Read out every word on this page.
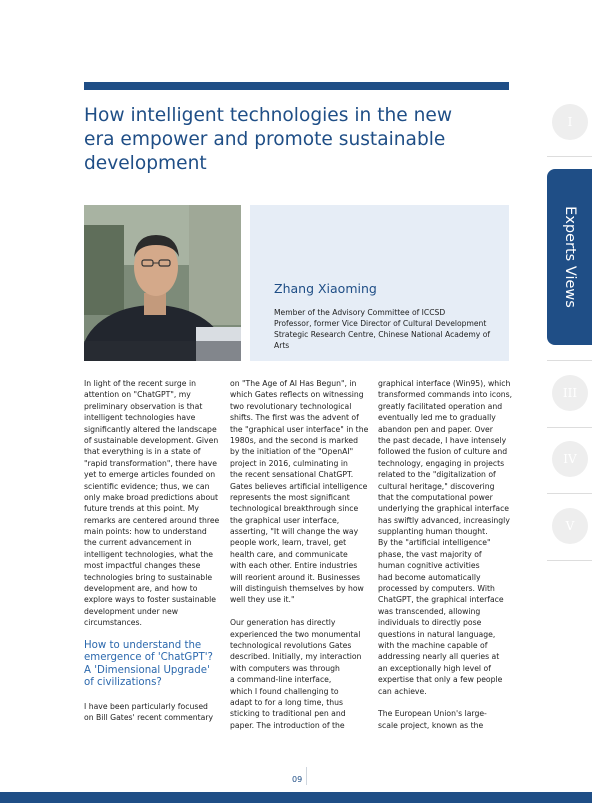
How intelligent technologies in the new
era empower and promote sustainable
development
Zhang Xiaoming
Member of the Advisory Committee of ICCSD
Professor, former Vice Director of Cultural Development
Strategic Research Centre, Chinese National Academy of
Arts
In light of the recent surge in
attention on "ChatGPT", my
preliminary observation is that
intelligent technologies have
significantly altered the landscape
of sustainable development. Given
that everything is in a state of
"rapid transformation", there have
yet to emerge articles founded on
scientific evidence; thus, we can
only make broad predictions about
future trends at this point. My
remarks are centered around three
main points: how to understand
the current advancement in
intelligent technologies, what the
most impactful changes these
technologies bring to sustainable
development are, and how to
explore ways to foster sustainable
development under new
circumstances.
How to understand the
emergence of 'ChatGPT'?
A 'Dimensional Upgrade'
of civilizations?
I have been particularly focused
on Bill Gates' recent commentary
on "The Age of AI Has Begun", in
which Gates reflects on witnessing
two revolutionary technological
shifts. The first was the advent of
the "graphical user interface" in the
1980s, and the second is marked
by the initiation of the "OpenAI"
project in 2016, culminating in
the recent sensational ChatGPT.
Gates believes artificial intelligence
represents the most significant
technological breakthrough since
the graphical user interface,
asserting, "It will change the way
people work, learn, travel, get
health care, and communicate
with each other. Entire industries
will reorient around it. Businesses
will distinguish themselves by how
well they use it."
Our generation has directly
experienced the two monumental
technological revolutions Gates
described. Initially, my interaction
with computers was through
a command-line interface,
which I found challenging to
adapt to for a long time, thus
sticking to traditional pen and
paper. The introduction of the
graphical interface (Win95), which
transformed commands into icons,
greatly facilitated operation and
eventually led me to gradually
abandon pen and paper. Over
the past decade, I have intensely
followed the fusion of culture and
technology, engaging in projects
related to the "digitalization of
cultural heritage," discovering
that the computational power
underlying the graphical interface
has swiftly advanced, increasingly
supplanting human thought.
By the "artificial intelligence"
phase, the vast majority of
human cognitive activities
had become automatically
processed by computers. With
ChatGPT, the graphical interface
was transcended, allowing
individuals to directly pose
questions in natural language,
with the machine capable of
addressing nearly all queries at
an exceptionally high level of
expertise that only a few people
can achieve.
The European Union's large-
scale project, known as the
09
I
Experts Views
III
IV
V
